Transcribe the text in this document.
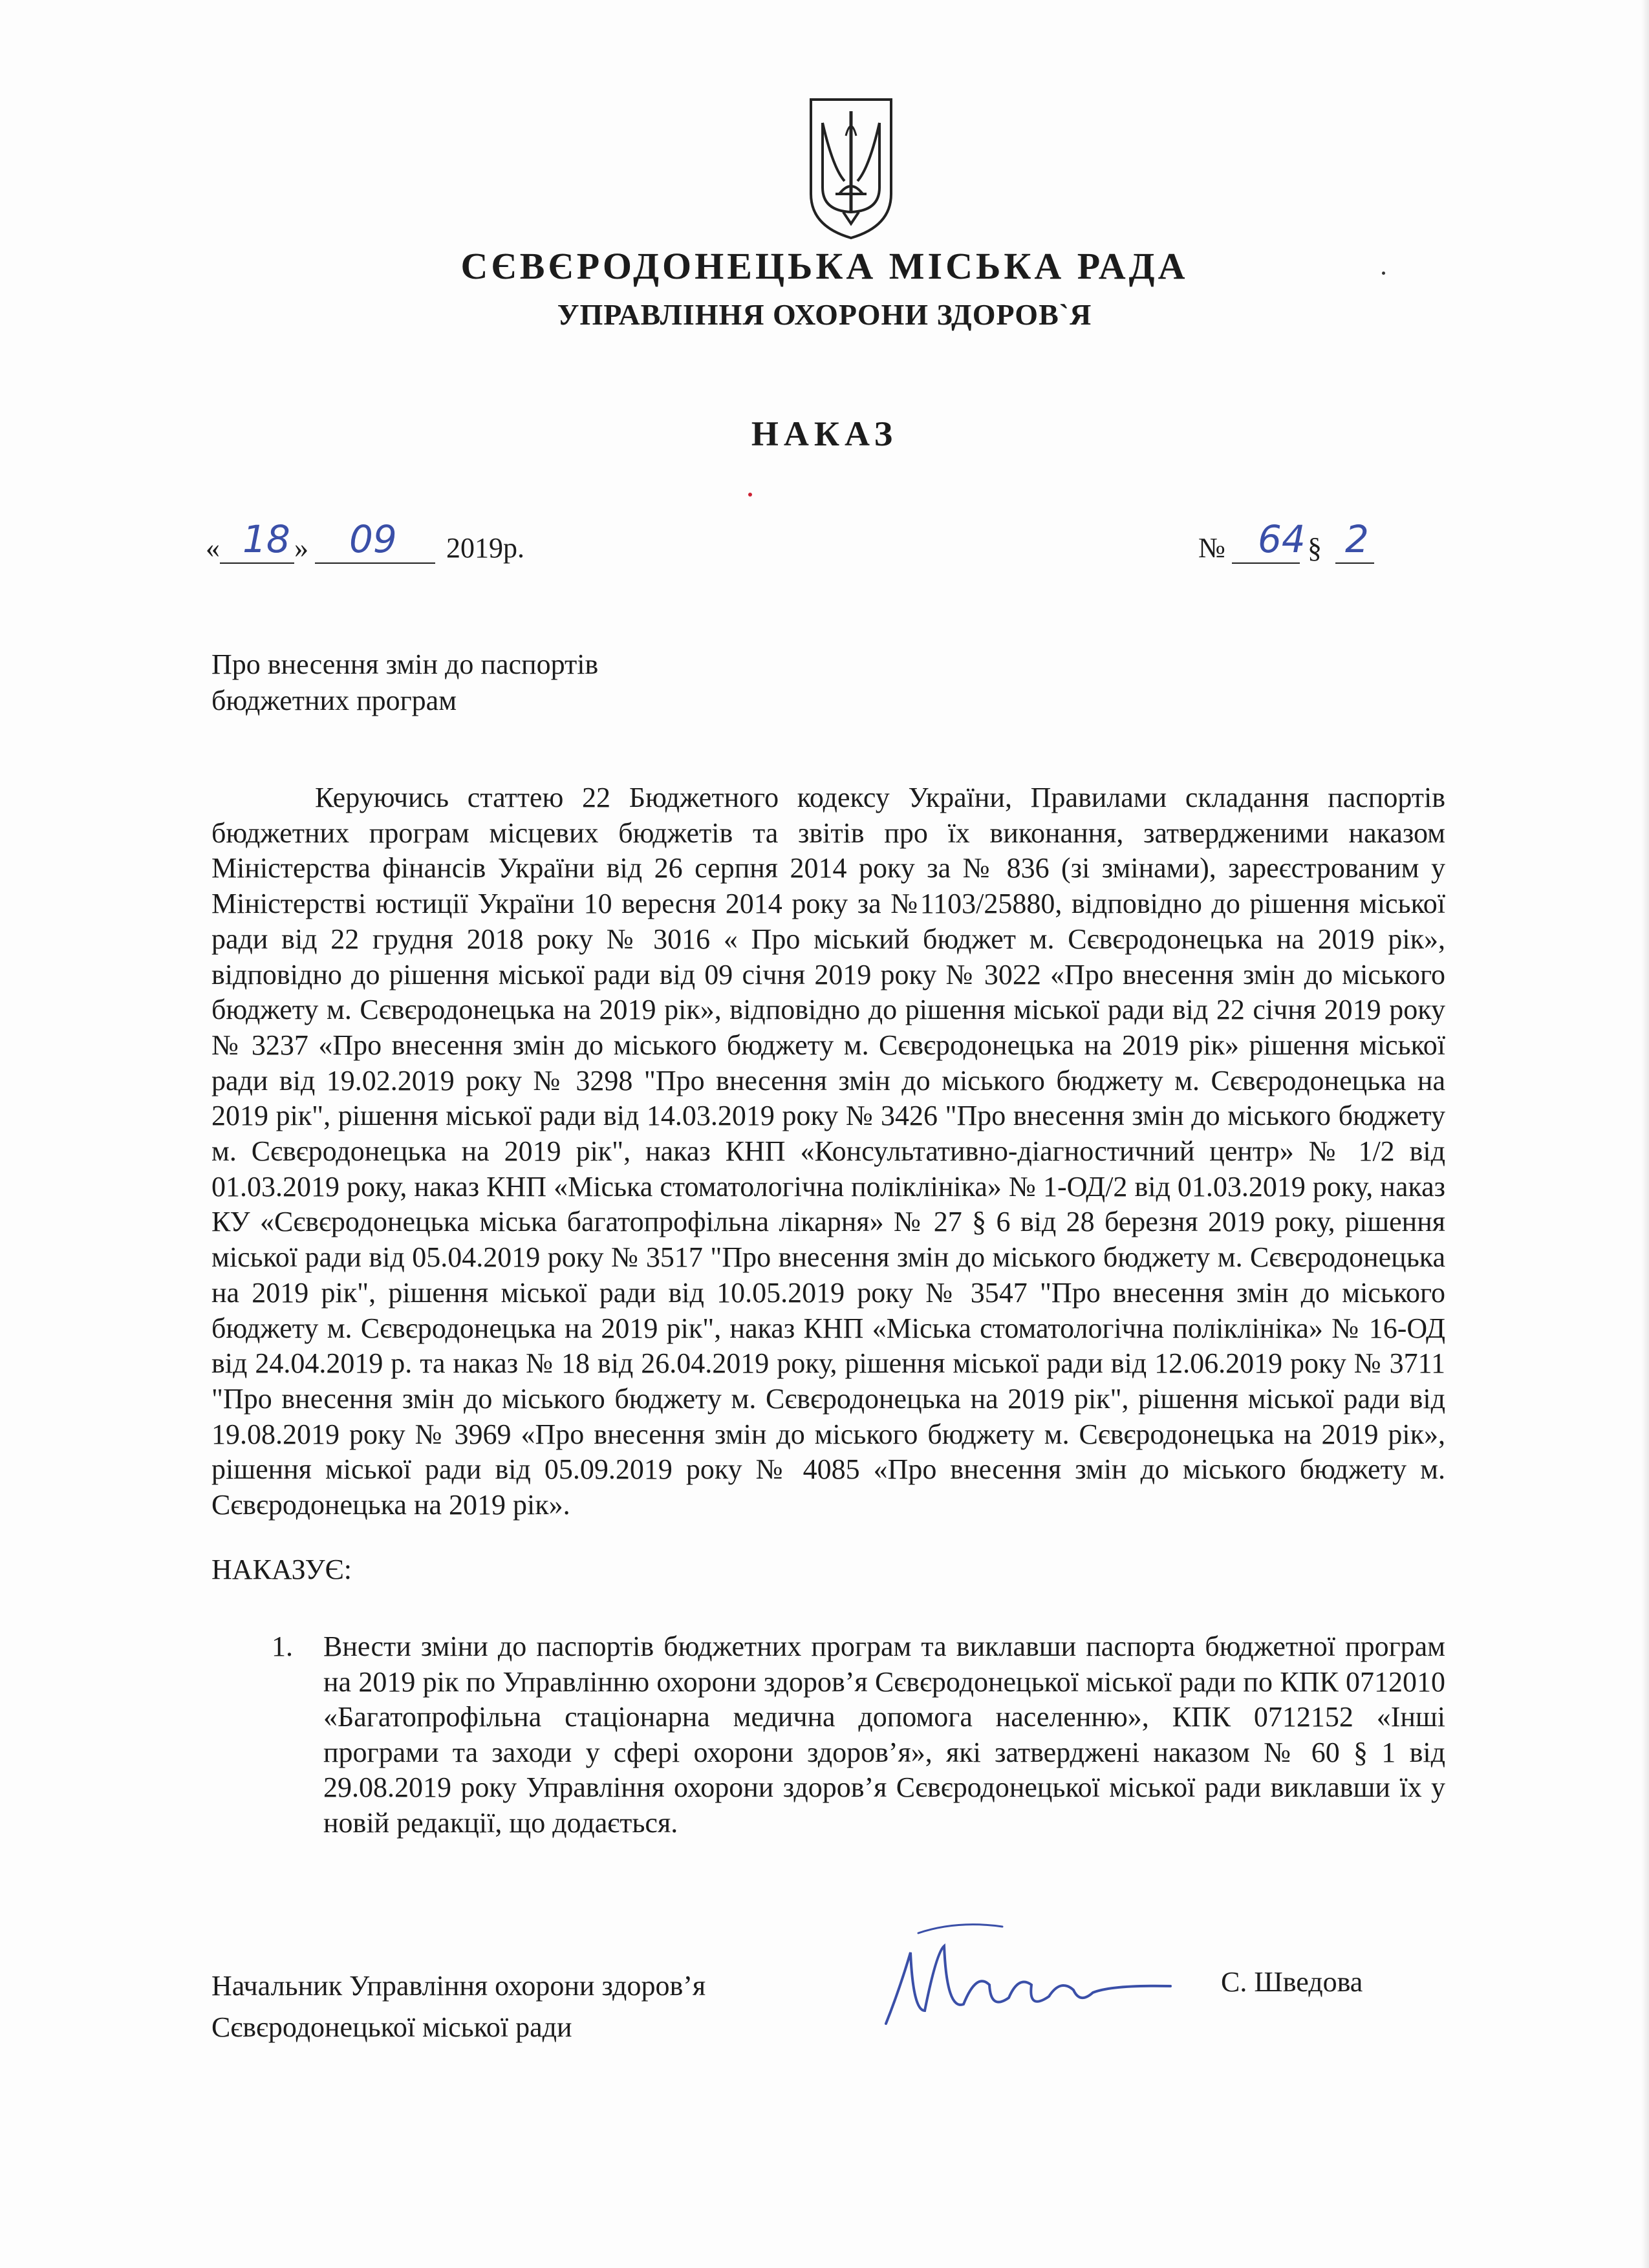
СЄВЄРОДОНЕЦЬКА МІСЬКА РАДА
УПРАВЛІННЯ ОХОРОНИ ЗДОРОВ`Я
НАКАЗ
« 18 » 09 2019р.	№ 64 § 2
Про внесення змін до паспортів
бюджетних програм

Керуючись статтею 22 Бюджетного кодексу України, Правилами складання паспортів бюджетних програм місцевих бюджетів та звітів про їх виконання, затвердженими наказом Міністерства фінансів України від 26 серпня 2014 року за № 836 (зі змінами), зареєстрованим у Міністерстві юстиції України 10 вересня 2014 року за №1103/25880, відповідно до рішення міської ради від 22 грудня 2018 року № 3016 « Про міський бюджет м. Сєвєродонецька на 2019 рік», відповідно до рішення міської ради від 09 січня 2019 року № 3022 «Про внесення змін до міського бюджету м. Сєвєродонецька на 2019 рік», відповідно до рішення міської ради від 22 січня 2019 року № 3237 «Про внесення змін до міського бюджету м. Сєвєродонецька на 2019 рік» рішення міської ради від 19.02.2019 року № 3298 "Про внесення змін до міського бюджету м. Сєвєродонецька на 2019 рік", рішення міської ради від 14.03.2019 року № 3426 "Про внесення змін до міського бюджету м. Сєвєродонецька на 2019 рік", наказ КНП «Консультативно-діагностичний центр» № 1/2 від 01.03.2019 року, наказ КНП «Міська стоматологічна поліклініка» № 1-ОД/2 від 01.03.2019 року, наказ КУ «Сєвєродонецька міська багатопрофільна лікарня» № 27 § 6 від 28 березня 2019 року, рішення міської ради від 05.04.2019 року № 3517 "Про внесення змін до міського бюджету м. Сєвєродонецька на 2019 рік", рішення міської ради від 10.05.2019 року № 3547 "Про внесення змін до міського бюджету м. Сєвєродонецька на 2019 рік", наказ КНП «Міська стоматологічна поліклініка» № 16-ОД від 24.04.2019 р. та наказ № 18 від 26.04.2019 року, рішення міської ради від 12.06.2019 року № 3711 "Про внесення змін до міського бюджету м. Сєвєродонецька на 2019 рік", рішення міської ради від 19.08.2019 року № 3969 «Про внесення змін до міського бюджету м. Сєвєродонецька на 2019 рік», рішення міської ради від 05.09.2019 року № 4085 «Про внесення змін до міського бюджету м. Сєвєродонецька на 2019 рік».

НАКАЗУЄ:
1. Внести зміни до паспортів бюджетних програм та виклавши паспорта бюджетної програм на 2019 рік по Управлінню охорони здоров’я Сєвєродонецької міської ради по КПК 0712010 «Багатопрофільна стаціонарна медична допомога населенню», КПК 0712152 «Інші програми та заходи у сфері охорони здоров’я», які затверджені наказом № 60 § 1 від 29.08.2019 року Управління охорони здоров’я Сєвєродонецької міської ради виклавши їх у новій редакції, що додається.
Начальник Управління охорони здоров’я
Сєвєродонецької міської ради
С. Шведова
